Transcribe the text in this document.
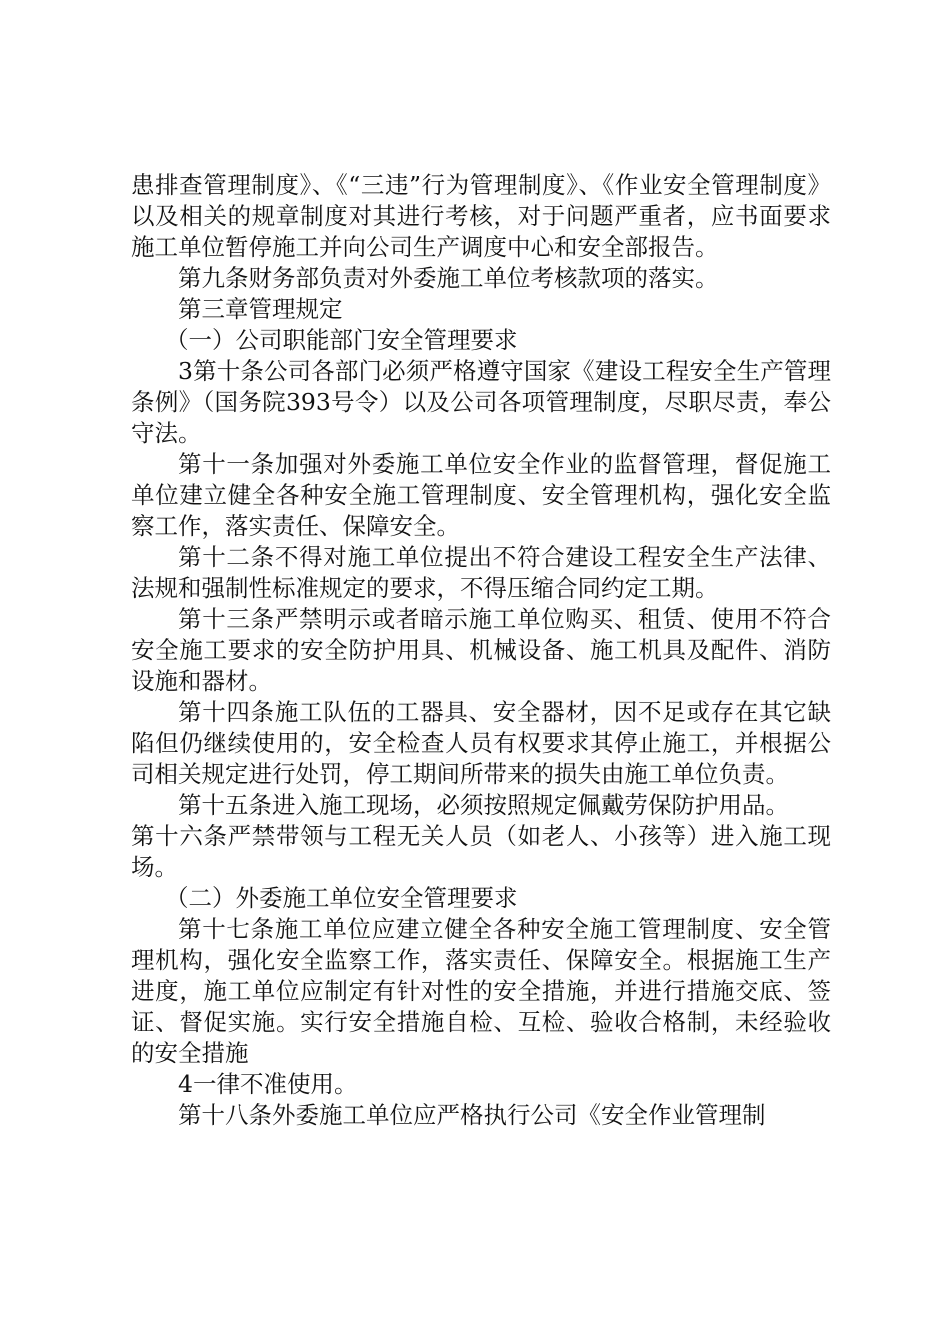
患排查管理制度》、《“三违”行为管理制度》、《作业安全管理制度》以及相关的规章制度对其进行考核，对于问题严重者，应书面要求施工单位暂停施工并向公司生产调度中心和安全部报告。

第九条财务部负责对外委施工单位考核款项的落实。

第三章管理规定

（一）公司职能部门安全管理要求

3第十条公司各部门必须严格遵守国家《建设工程安全生产管理条例》（国务院393号令）以及公司各项管理制度，尽职尽责，奉公守法。

第十一条加强对外委施工单位安全作业的监督管理，督促施工单位建立健全各种安全施工管理制度、安全管理机构，强化安全监察工作，落实责任、保障安全。

第十二条不得对施工单位提出不符合建设工程安全生产法律、法规和强制性标准规定的要求，不得压缩合同约定工期。

第十三条严禁明示或者暗示施工单位购买、租赁、使用不符合安全施工要求的安全防护用具、机械设备、施工机具及配件、消防设施和器材。

第十四条施工队伍的工器具、安全器材，因不足或存在其它缺陷但仍继续使用的，安全检查人员有权要求其停止施工，并根据公司相关规定进行处罚，停工期间所带来的损失由施工单位负责。

第十五条进入施工现场，必须按照规定佩戴劳保防护用品。

第十六条严禁带领与工程无关人员（如老人、小孩等）进入施工现场。

（二）外委施工单位安全管理要求

第十七条施工单位应建立健全各种安全施工管理制度、安全管理机构，强化安全监察工作，落实责任、保障安全。根据施工生产进度，施工单位应制定有针对性的安全措施，并进行措施交底、签证、督促实施。实行安全措施自检、互检、验收合格制，未经验收的安全措施

4一律不准使用。

第十八条外委施工单位应严格执行公司《安全作业管理制
